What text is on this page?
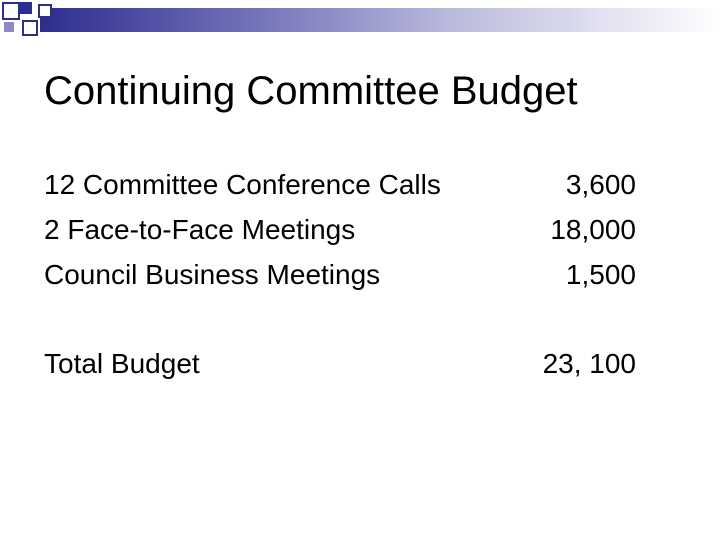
Continuing Committee Budget
12 Committee Conference Calls	3,600
2 Face-to-Face Meetings	18,000
Council Business Meetings	1,500
Total Budget	23, 100
